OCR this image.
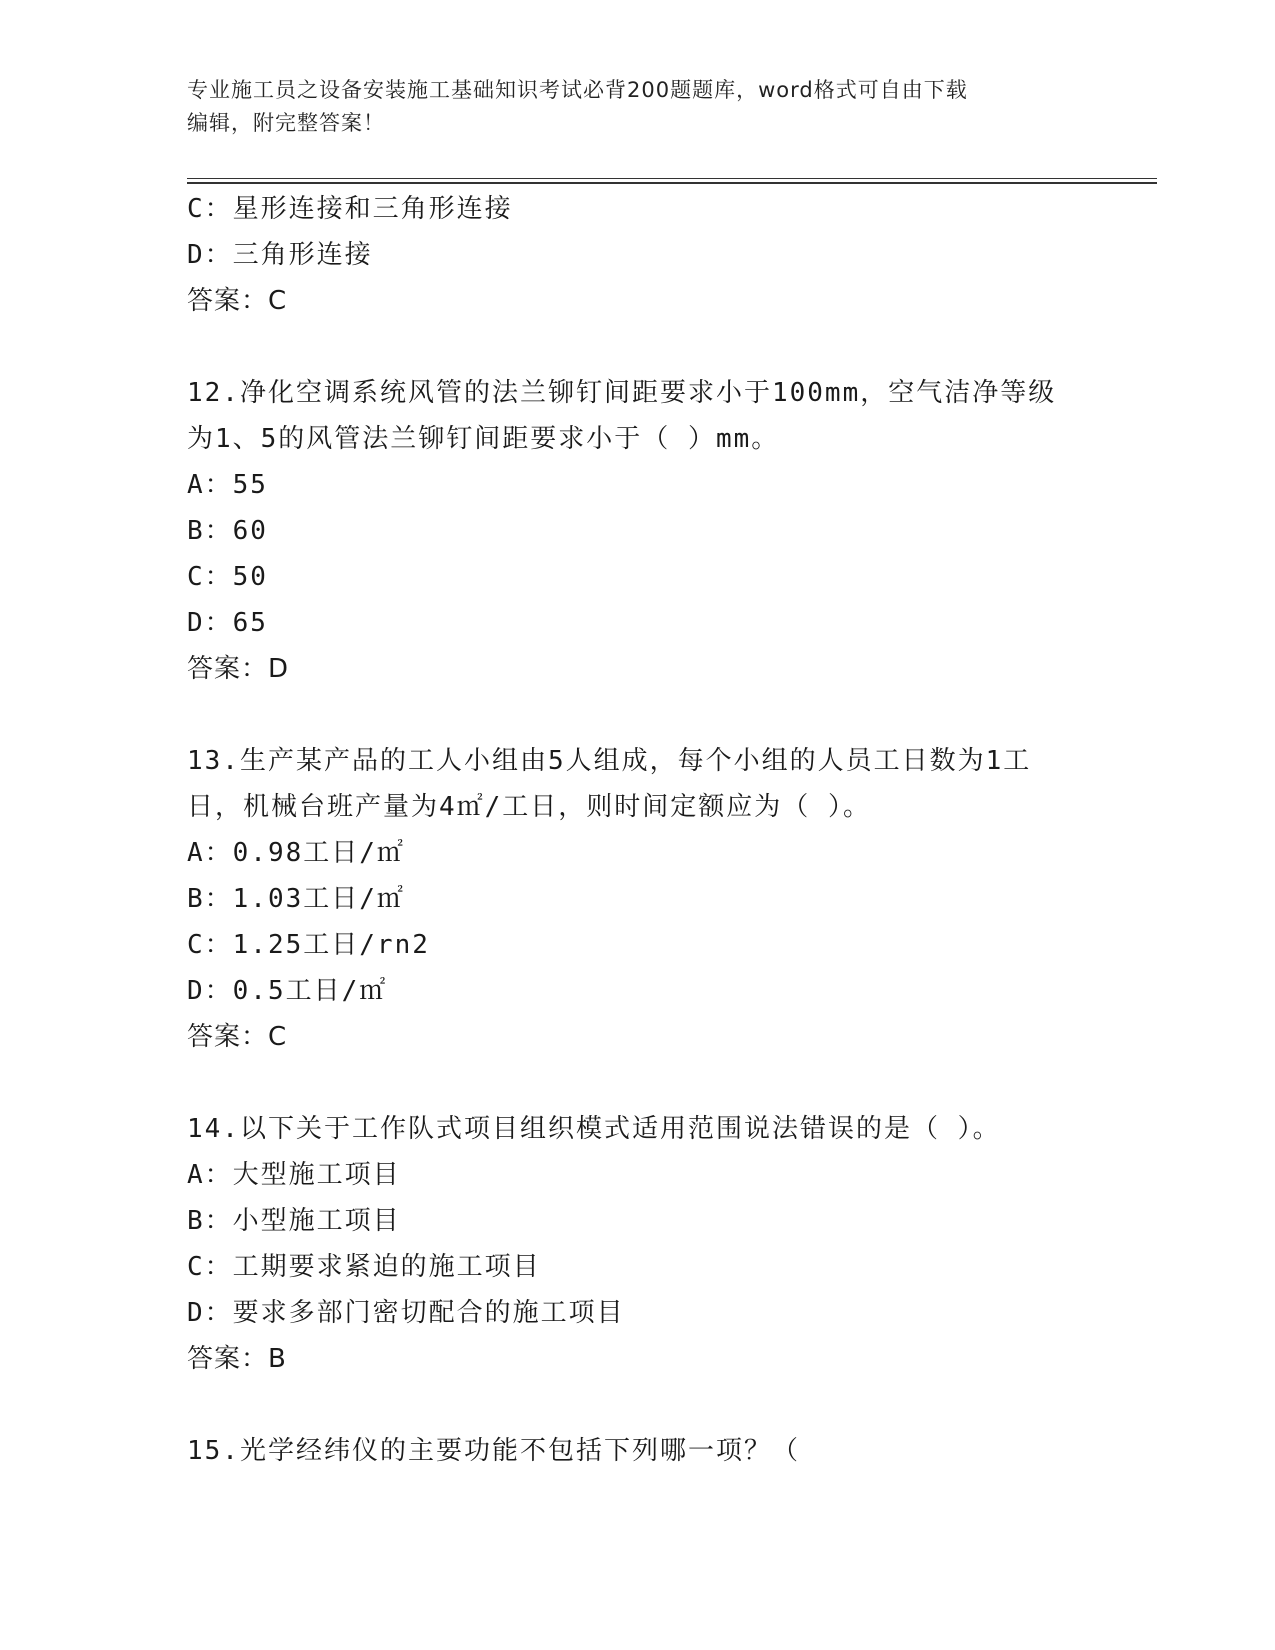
专业施工员之设备安装施工基础知识考试必背200题题库，word格式可自由下载
编辑，附完整答案！
C：星形连接和三角形连接
D：三角形连接
答案：C
12.净化空调系统风管的法兰铆钉间距要求小于100mm，空气洁净等级
为1、5的风管法兰铆钉间距要求小于（ ）mm。
A：55
B：60
C：50
D：65
答案：D
13.生产某产品的工人小组由5人组成，每个小组的人员工日数为1工
日，机械台班产量为4㎡/工日，则时间定额应为（ ）。
A：0.98工日/㎡
B：1.03工日/㎡
C：1.25工日/rn2
D：0.5工日/㎡
答案：C
14.以下关于工作队式项目组织模式适用范围说法错误的是（ ）。
A：大型施工项目
B：小型施工项目
C：工期要求紧迫的施工项目
D：要求多部门密切配合的施工项目
答案：B
15.光学经纬仪的主要功能不包括下列哪一项？（
